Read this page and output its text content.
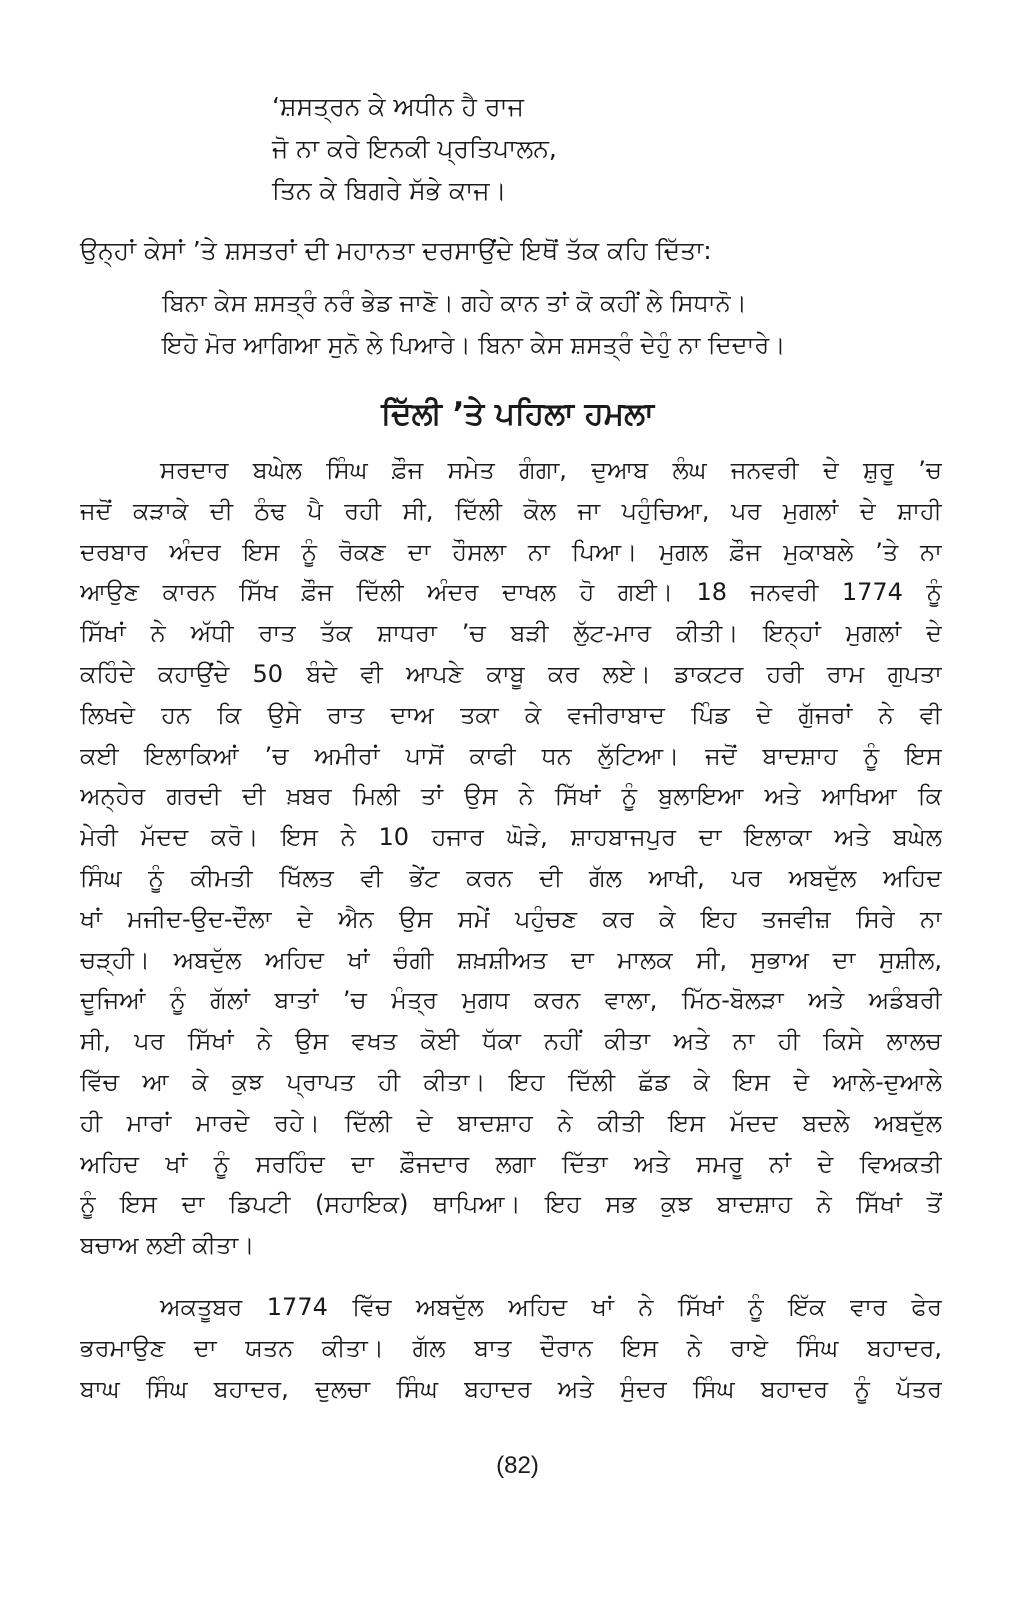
‘ਸ਼ਸਤ੍ਰਨ ਕੇ ਅਧੀਨ ਹੈ ਰਾਜ
ਜੋ ਨਾ ਕਰੇ ਇਨਕੀ ਪ੍ਰਤਿਪਾਲਨ,
ਤਿਨ ਕੇ ਬਿਗਰੇ ਸੱਭੇ ਕਾਜ।
ਉਨ੍ਹਾਂ ਕੇਸਾਂ ’ਤੇ ਸ਼ਸਤਰਾਂ ਦੀ ਮਹਾਨਤਾ ਦਰਸਾਉਂਦੇ ਇਥੋਂ ਤੱਕ ਕਹਿ ਦਿੱਤਾ:
ਬਿਨਾ ਕੇਸ ਸ਼ਸਤ੍ਰੰ ਨਰੰ ਭੇਡ ਜਾਣੋ। ਗਹੇ ਕਾਨ ਤਾਂ ਕੋ ਕਹੀਂ ਲੇ ਸਿਧਾਨੋ।
ਇਹੋ ਮੋਰ ਆਗਿਆ ਸੁਨੋ ਲੇ ਪਿਆਰੇ। ਬਿਨਾ ਕੇਸ ਸ਼ਸਤ੍ਰੰ ਦੇਹੁੰ ਨਾ ਦਿਦਾਰੇ।
ਦਿੱਲੀ ’ਤੇ ਪਹਿਲਾ ਹਮਲਾ
ਸਰਦਾਰ ਬਘੇਲ ਸਿੰਘ ਫ਼ੌਜ ਸਮੇਤ ਗੰਗਾ, ਦੁਆਬ ਲੰਘ ਜਨਵਰੀ ਦੇ ਸ਼ੁਰੂ ’ਚ
ਜਦੋਂ ਕੜਾਕੇ ਦੀ ਠੰਢ ਪੈ ਰਹੀ ਸੀ, ਦਿੱਲੀ ਕੋਲ ਜਾ ਪਹੁੰਚਿਆ, ਪਰ ਮੁਗਲਾਂ ਦੇ ਸ਼ਾਹੀ
ਦਰਬਾਰ ਅੰਦਰ ਇਸ ਨੂੰ ਰੋਕਣ ਦਾ ਹੌਸਲਾ ਨਾ ਪਿਆ। ਮੁਗਲ ਫ਼ੌਜ ਮੁਕਾਬਲੇ ’ਤੇ ਨਾ
ਆਉਣ ਕਾਰਨ ਸਿੱਖ ਫ਼ੌਜ ਦਿੱਲੀ ਅੰਦਰ ਦਾਖਲ ਹੋ ਗਈ। 18 ਜਨਵਰੀ 1774 ਨੂੰ
ਸਿੱਖਾਂ ਨੇ ਅੱਧੀ ਰਾਤ ਤੱਕ ਸ਼ਾਧਰਾ ’ਚ ਬੜੀ ਲੁੱਟ-ਮਾਰ ਕੀਤੀ। ਇਨ੍ਹਾਂ ਮੁਗਲਾਂ ਦੇ
ਕਹਿੰਦੇ ਕਹਾਉਂਦੇ 50 ਬੰਦੇ ਵੀ ਆਪਣੇ ਕਾਬੂ ਕਰ ਲਏ। ਡਾਕਟਰ ਹਰੀ ਰਾਮ ਗੁਪਤਾ
ਲਿਖਦੇ ਹਨ ਕਿ ਉਸੇ ਰਾਤ ਦਾਅ ਤਕਾ ਕੇ ਵਜੀਰਾਬਾਦ ਪਿੰਡ ਦੇ ਗੁੱਜਰਾਂ ਨੇ ਵੀ
ਕਈ ਇਲਾਕਿਆਂ ’ਚ ਅਮੀਰਾਂ ਪਾਸੋਂ ਕਾਫੀ ਧਨ ਲੁੱਟਿਆ। ਜਦੋਂ ਬਾਦਸ਼ਾਹ ਨੂੰ ਇਸ
ਅਨ੍ਹੇਰ ਗਰਦੀ ਦੀ ਖ਼ਬਰ ਮਿਲੀ ਤਾਂ ਉਸ ਨੇ ਸਿੱਖਾਂ ਨੂੰ ਬੁਲਾਇਆ ਅਤੇ ਆਖਿਆ ਕਿ
ਮੇਰੀ ਮੱਦਦ ਕਰੋ। ਇਸ ਨੇ 10 ਹਜਾਰ ਘੋੜੇ, ਸ਼ਾਹਬਾਜਪੁਰ ਦਾ ਇਲਾਕਾ ਅਤੇ ਬਘੇਲ
ਸਿੰਘ ਨੂੰ ਕੀਮਤੀ ਖਿੱਲਤ ਵੀ ਭੇਂਟ ਕਰਨ ਦੀ ਗੱਲ ਆਖੀ, ਪਰ ਅਬਦੁੱਲ ਅਹਿਦ
ਖਾਂ ਮਜੀਦ-ਉਦ-ਦੌਲਾ ਦੇ ਐਨ ਉਸ ਸਮੇਂ ਪਹੁੰਚਣ ਕਰ ਕੇ ਇਹ ਤਜਵੀਜ਼ ਸਿਰੇ ਨਾ
ਚੜ੍ਹੀ। ਅਬਦੁੱਲ ਅਹਿਦ ਖਾਂ ਚੰਗੀ ਸ਼ਖ਼ਸ਼ੀਅਤ ਦਾ ਮਾਲਕ ਸੀ, ਸੁਭਾਅ ਦਾ ਸੁਸ਼ੀਲ,
ਦੂਜਿਆਂ ਨੂੰ ਗੱਲਾਂ ਬਾਤਾਂ ’ਚ ਮੰਤ੍ਰ ਮੁਗਧ ਕਰਨ ਵਾਲਾ, ਮਿੱਠ-ਬੋਲੜਾ ਅਤੇ ਅਡੰਬਰੀ
ਸੀ, ਪਰ ਸਿੱਖਾਂ ਨੇ ਉਸ ਵਖਤ ਕੋਈ ਧੱਕਾ ਨਹੀਂ ਕੀਤਾ ਅਤੇ ਨਾ ਹੀ ਕਿਸੇ ਲਾਲਚ
ਵਿੱਚ ਆ ਕੇ ਕੁਝ ਪ੍ਰਾਪਤ ਹੀ ਕੀਤਾ। ਇਹ ਦਿੱਲੀ ਛੱਡ ਕੇ ਇਸ ਦੇ ਆਲੇ-ਦੁਆਲੇ
ਹੀ ਮਾਰਾਂ ਮਾਰਦੇ ਰਹੇ। ਦਿੱਲੀ ਦੇ ਬਾਦਸ਼ਾਹ ਨੇ ਕੀਤੀ ਇਸ ਮੱਦਦ ਬਦਲੇ ਅਬਦੁੱਲ
ਅਹਿਦ ਖਾਂ ਨੂੰ ਸਰਹਿੰਦ ਦਾ ਫ਼ੌਜਦਾਰ ਲਗਾ ਦਿੱਤਾ ਅਤੇ ਸਮਰੂ ਨਾਂ ਦੇ ਵਿਅਕਤੀ
ਨੂੰ ਇਸ ਦਾ ਡਿਪਟੀ (ਸਹਾਇਕ) ਥਾਪਿਆ। ਇਹ ਸਭ ਕੁਝ ਬਾਦਸ਼ਾਹ ਨੇ ਸਿੱਖਾਂ ਤੋਂ
ਬਚਾਅ ਲਈ ਕੀਤਾ।
ਅਕਤੂਬਰ 1774 ਵਿੱਚ ਅਬਦੁੱਲ ਅਹਿਦ ਖਾਂ ਨੇ ਸਿੱਖਾਂ ਨੂੰ ਇੱਕ ਵਾਰ ਫੇਰ
ਭਰਮਾਉਣ ਦਾ ਯਤਨ ਕੀਤਾ। ਗੱਲ ਬਾਤ ਦੌਰਾਨ ਇਸ ਨੇ ਰਾਏ ਸਿੰਘ ਬਹਾਦਰ,
ਬਾਘ ਸਿੰਘ ਬਹਾਦਰ, ਦੁਲਚਾ ਸਿੰਘ ਬਹਾਦਰ ਅਤੇ ਸੁੰਦਰ ਸਿੰਘ ਬਹਾਦਰ ਨੂੰ ਪੱਤਰ
(82)
